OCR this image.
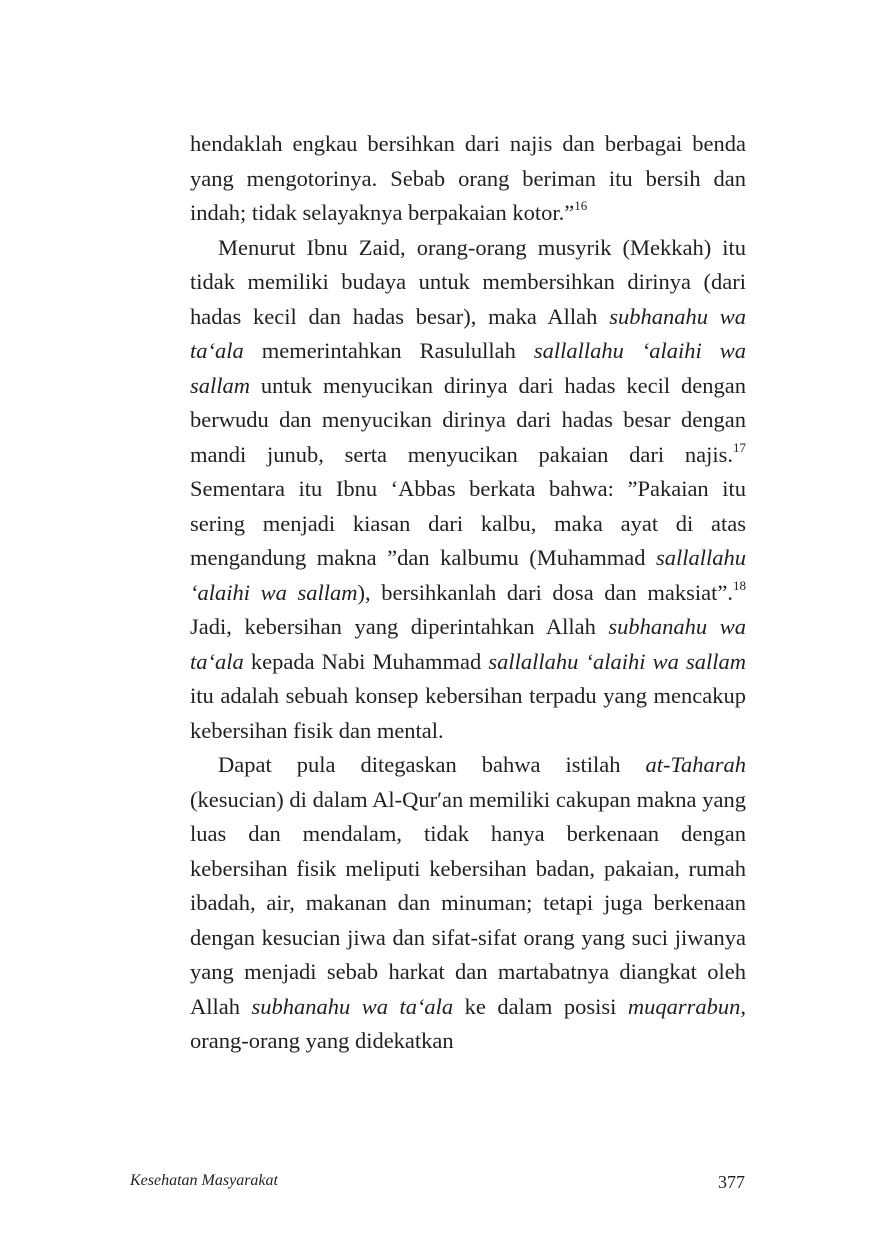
hendaklah engkau bersihkan dari najis dan berbagai benda yang mengotorinya. Sebab orang beriman itu bersih dan indah; tidak selayaknya berpakaian kotor.”$^{16}$

Menurut Ibnu Zaid, orang-orang musyrik (Mekkah) itu tidak memiliki budaya untuk membersihkan dirinya (dari hadas kecil dan hadas besar), maka Allah subhanahu wa ta‘ala memerintahkan Rasulullah sallallahu ‘alaihi wa sallam untuk menyucikan dirinya dari hadas kecil dengan berwudu dan menyucikan dirinya dari hadas besar dengan mandi junub, serta menyucikan pakaian dari najis.$^{17}$ Sementara itu Ibnu ‘Abbas berkata bahwa: ”Pakaian itu sering menjadi kiasan dari kalbu, maka ayat di atas mengandung makna ”dan kalbumu (Muhammad sallallahu ‘alaihi wa sallam), bersihkanlah dari dosa dan maksiat”.$^{18}$ Jadi, kebersihan yang diperintahkan Allah subhanahu wa ta‘ala kepada Nabi Muhammad sallallahu ‘alaihi wa sallam itu adalah sebuah konsep kebersihan terpadu yang mencakup kebersihan fisik dan mental.

Dapat pula ditegaskan bahwa istilah at-Taharah (kesucian) di dalam Al-Qur′an memiliki cakupan makna yang luas dan mendalam, tidak hanya berkenaan dengan kebersihan fisik meliputi kebersihan badan, pakaian, rumah ibadah, air, makanan dan minuman; tetapi juga berkenaan dengan kesucian jiwa dan sifat-sifat orang yang suci jiwanya yang menjadi sebab harkat dan martabatnya diangkat oleh Allah subhanahu wa ta‘ala ke dalam posisi muqarrabun, orang-orang yang didekatkan

Kesehatan Masyarakat	377
